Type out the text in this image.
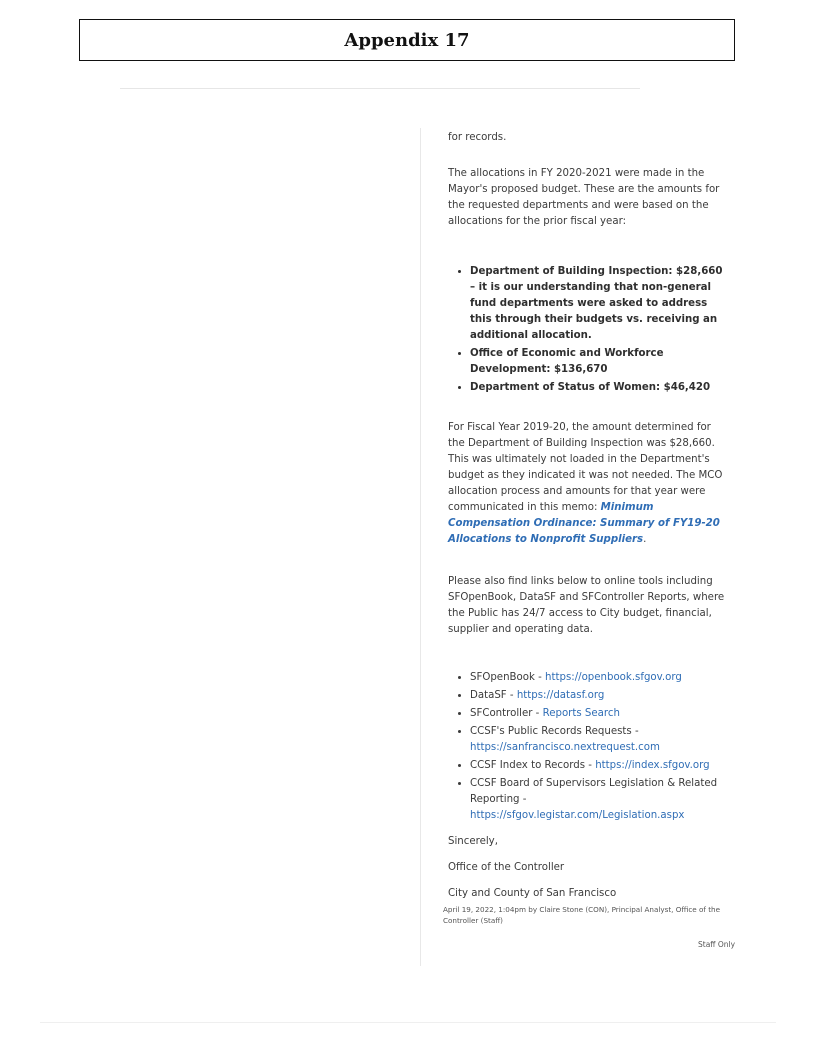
Appendix 17

for records.

The allocations in FY 2020-2021 were made in the Mayor's proposed budget. These are the amounts for the requested departments and were based on the allocations for the prior fiscal year:

• Department of Building Inspection: $28,660 – it is our understanding that non-general fund departments were asked to address this through their budgets vs. receiving an additional allocation.
• Office of Economic and Workforce Development: $136,670
• Department of Status of Women: $46,420

For Fiscal Year 2019-20, the amount determined for the Department of Building Inspection was $28,660. This was ultimately not loaded in the Department's budget as they indicated it was not needed. The MCO allocation process and amounts for that year were communicated in this memo: Minimum Compensation Ordinance: Summary of FY19-20 Allocations to Nonprofit Suppliers.

Please also find links below to online tools including SFOpenBook, DataSF and SFController Reports, where the Public has 24/7 access to City budget, financial, supplier and operating data.

• SFOpenBook - https://openbook.sfgov.org
• DataSF - https://datasf.org
• SFController - Reports Search
• CCSF's Public Records Requests - https://sanfrancisco.nextrequest.com
• CCSF Index to Records - https://index.sfgov.org
• CCSF Board of Supervisors Legislation & Related Reporting - https://sfgov.legistar.com/Legislation.aspx

Sincerely,

Office of the Controller

City and County of San Francisco

April 19, 2022, 1:04pm by Claire Stone (CON), Principal Analyst, Office of the Controller (Staff)
Staff Only
